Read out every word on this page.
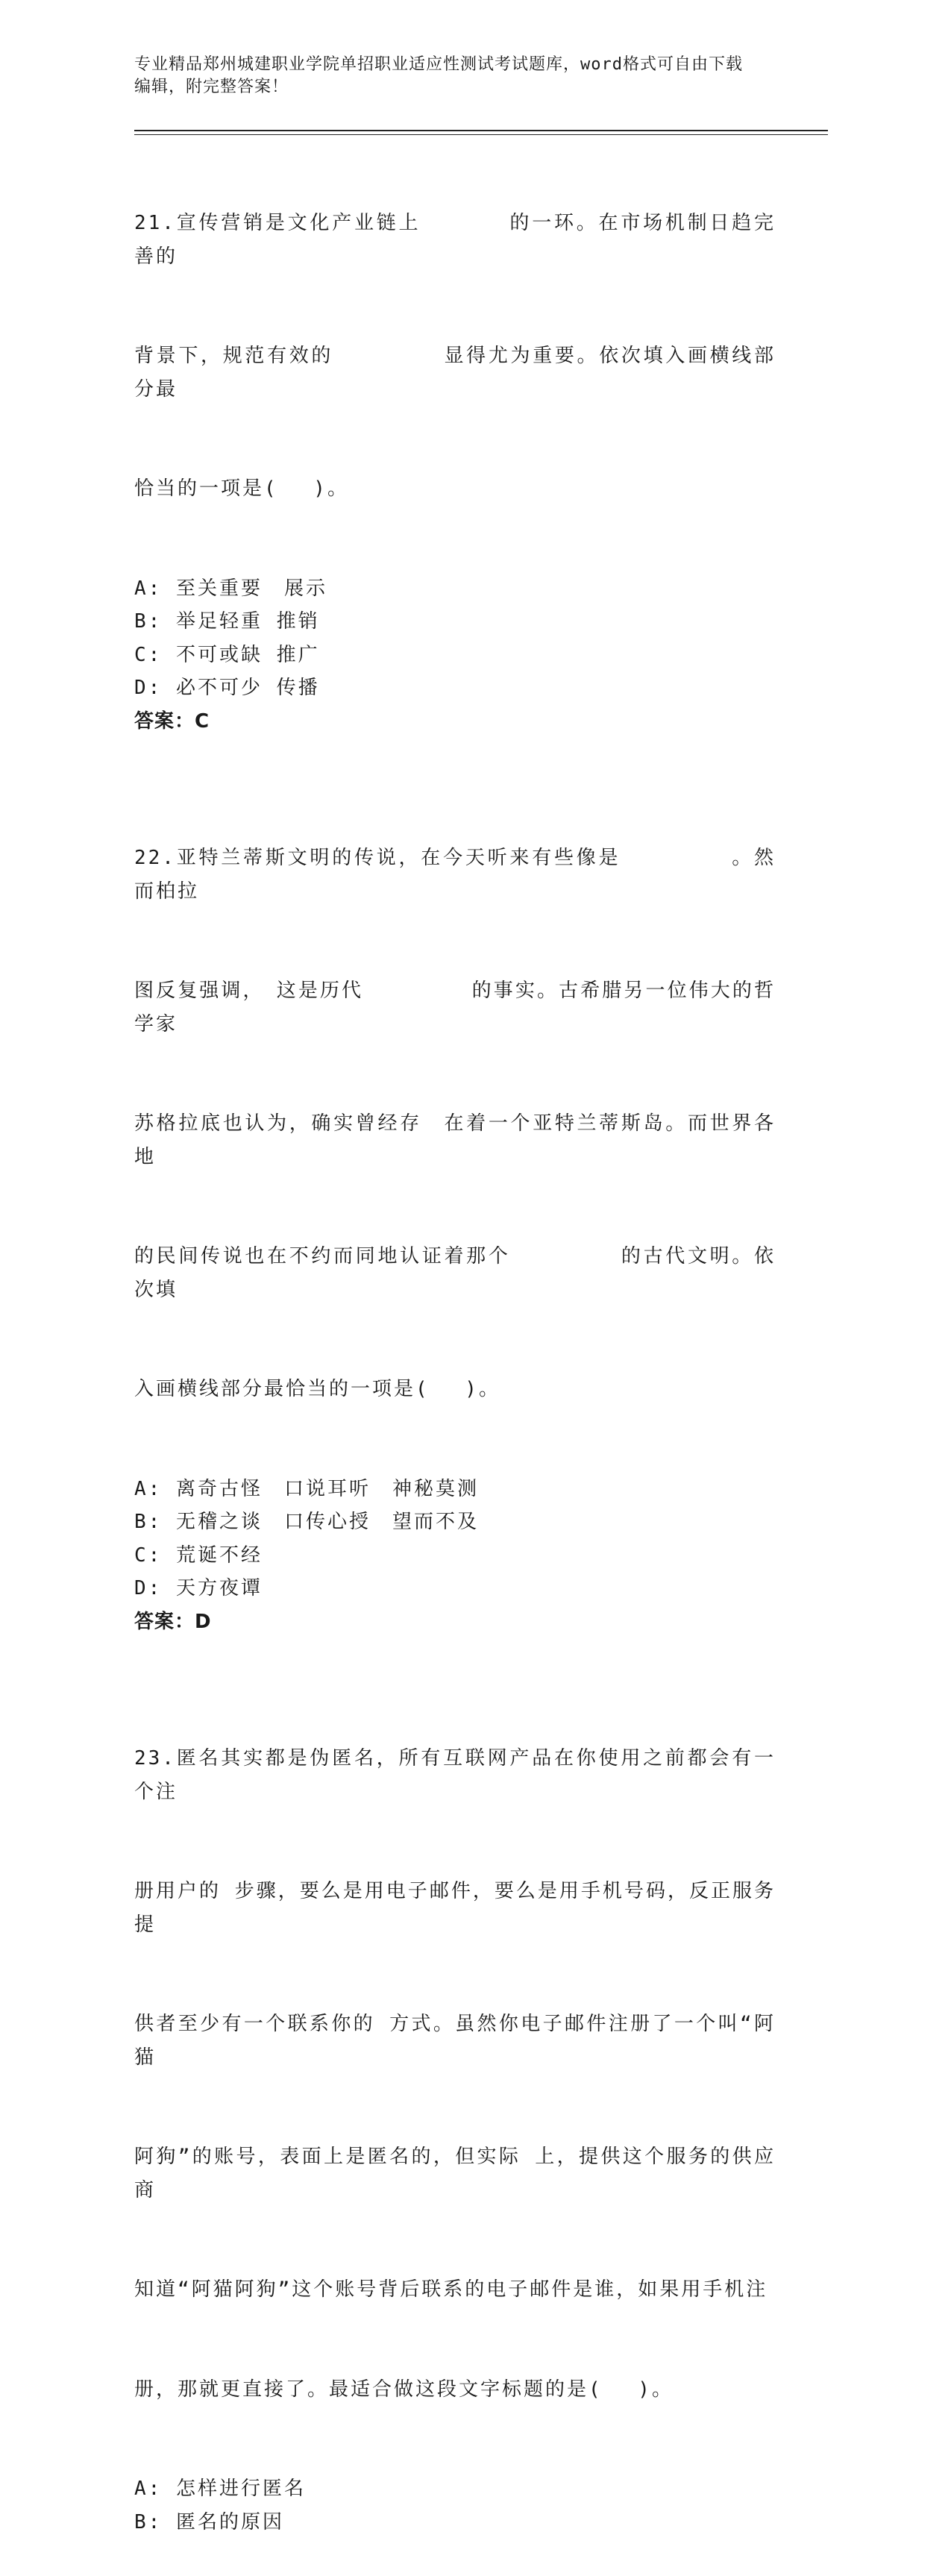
专业精品郑州城建职业学院单招职业适应性测试考试题库，word格式可自由下载
编辑，附完整答案！

21.宣传营销是文化产业链上　　　　的一环。在市场机制日趋完善的

背景下，规范有效的　　　　　显得尤为重要。依次填入画横线部分最

恰当的一项是(　 )。

A: 至关重要　展示
B: 举足轻重 推销
C: 不可或缺 推广
D: 必不可少 传播
答案：C

22.亚特兰蒂斯文明的传说，在今天听来有些像是　　　　　。然而柏拉

图反复强调，　这是历代　　　　　的事实。古希腊另一位伟大的哲学家

苏格拉底也认为，确实曾经存　在着一个亚特兰蒂斯岛。而世界各地

的民间传说也在不约而同地认证着那个　　　　　的古代文明。依次填

入画横线部分最恰当的一项是(　 )。

A: 离奇古怪　口说耳听　神秘莫测
B: 无稽之谈　口传心授　望而不及
C: 荒诞不经
D: 天方夜谭
答案：D

23.匿名其实都是伪匿名，所有互联网产品在你使用之前都会有一个注

册用户的 步骤，要么是用电子邮件，要么是用手机号码，反正服务提

供者至少有一个联系你的 方式。虽然你电子邮件注册了一个叫“阿猫

阿狗”的账号，表面上是匿名的，但实际 上，提供这个服务的供应商

知道“阿猫阿狗”这个账号背后联系的电子邮件是谁，如果用手机注

册，那就更直接了。最适合做这段文字标题的是(　 )。

A: 怎样进行匿名
B: 匿名的原因
